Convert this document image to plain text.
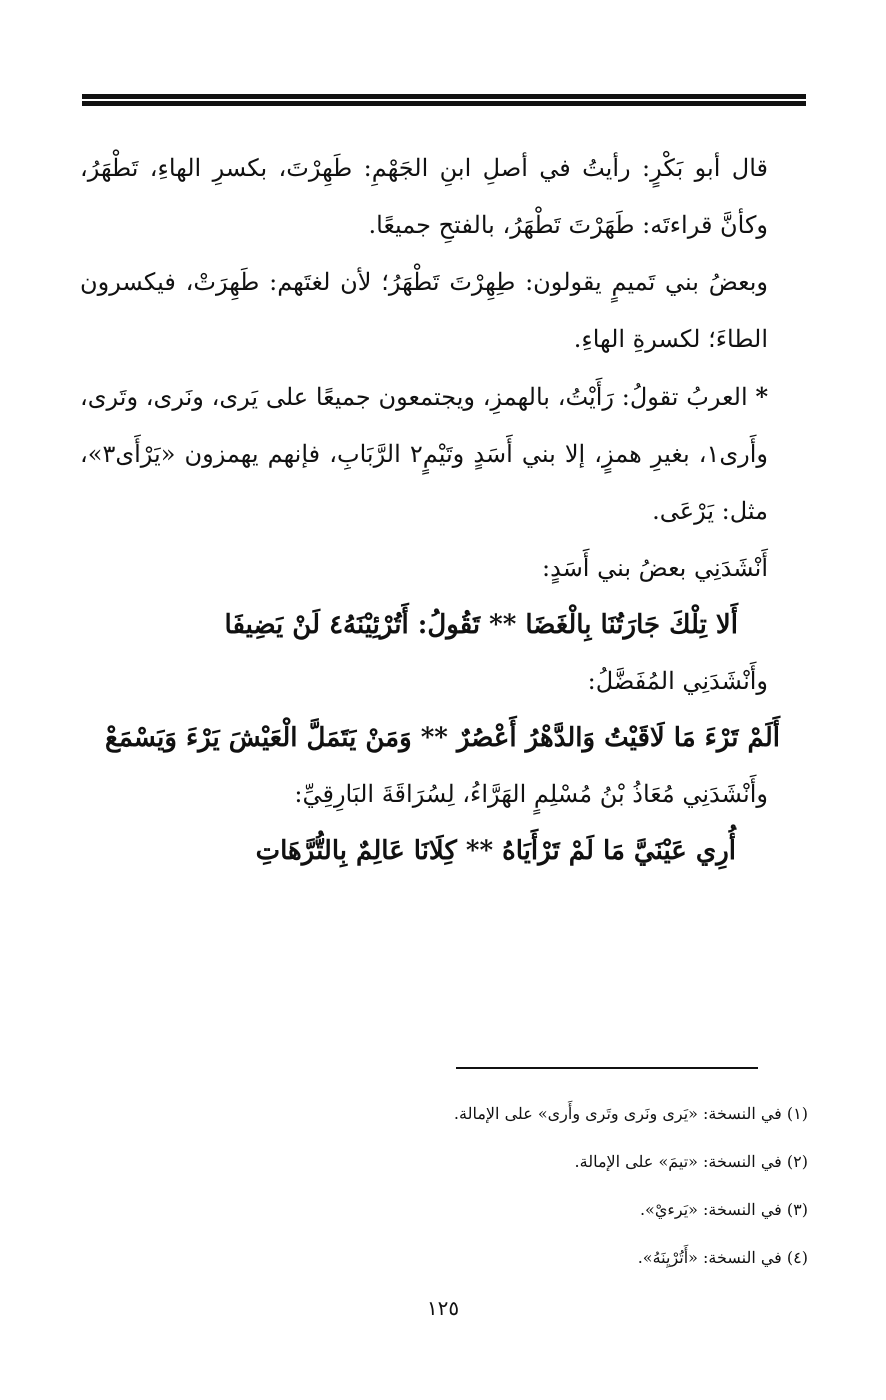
قال أبو بَكْرٍ: رأيتُ في أصلِ ابنِ الجَهْمِ: طَهِرْتَ، بكسرِ الهاءِ، تَطْهَرُ، وكأنَّ قراءتَه: طَهَرْتَ تَطْهَرُ، بالفتحِ جميعًا.

وبعضُ بني تَميمٍ يقولون: طِهِرْتَ تَطْهَرُ؛ لأن لغتَهم: طَهِرَتْ، فيكسرون الطاءَ؛ لكسرةِ الهاءِ.

* العربُ تقولُ: رَأَيْتُ، بالهمزِ، ويجتمعون جميعًا على يَرى، ونَرى، وتَرى، وأَرى١، بغيرِ همزٍ، إلا بني أَسَدٍ وتَيْمٍ٢ الرَّبَابِ، فإنهم يهمزون «يَرْأَى٣»، مثل: يَرْعَى.

أَنْشَدَنِي بعضُ بني أَسَدٍ:

أَلا تِلْكَ جَارَتُنَا بِالْغَضَا ** تَقُولُ: أَتُرْئِيْنَهُ٤ لَنْ يَضِيفَا

وأَنْشَدَنِي المُفَضَّلُ:

أَلَمْ تَرْءَ مَا لَاقَيْتُ وَالدَّهْرُ أَعْصُرٌ ** وَمَنْ يَتَمَلَّ الْعَيْشَ يَرْءَ وَيَسْمَعْ

وأَنْشَدَنِي مُعَاذُ بْنُ مُسْلِمٍ الهَرَّاءُ، لِسُرَاقَةَ البَارِقِيِّ:

أُرِي عَيْنَيَّ مَا لَمْ تَرْأَيَاهُ ** كِلَانَا عَالِمٌ بِالتُّرَّهَاتِ

(١) في النسخة: «يَرى ونَرى وتَرى وأَرى» على الإمالة.

(٢) في النسخة: «تيمَ» على الإمالة.

(٣) في النسخة: «يَرءيْ».

(٤) في النسخة: «أَتُرْيِنَهُ».

١٢٥
